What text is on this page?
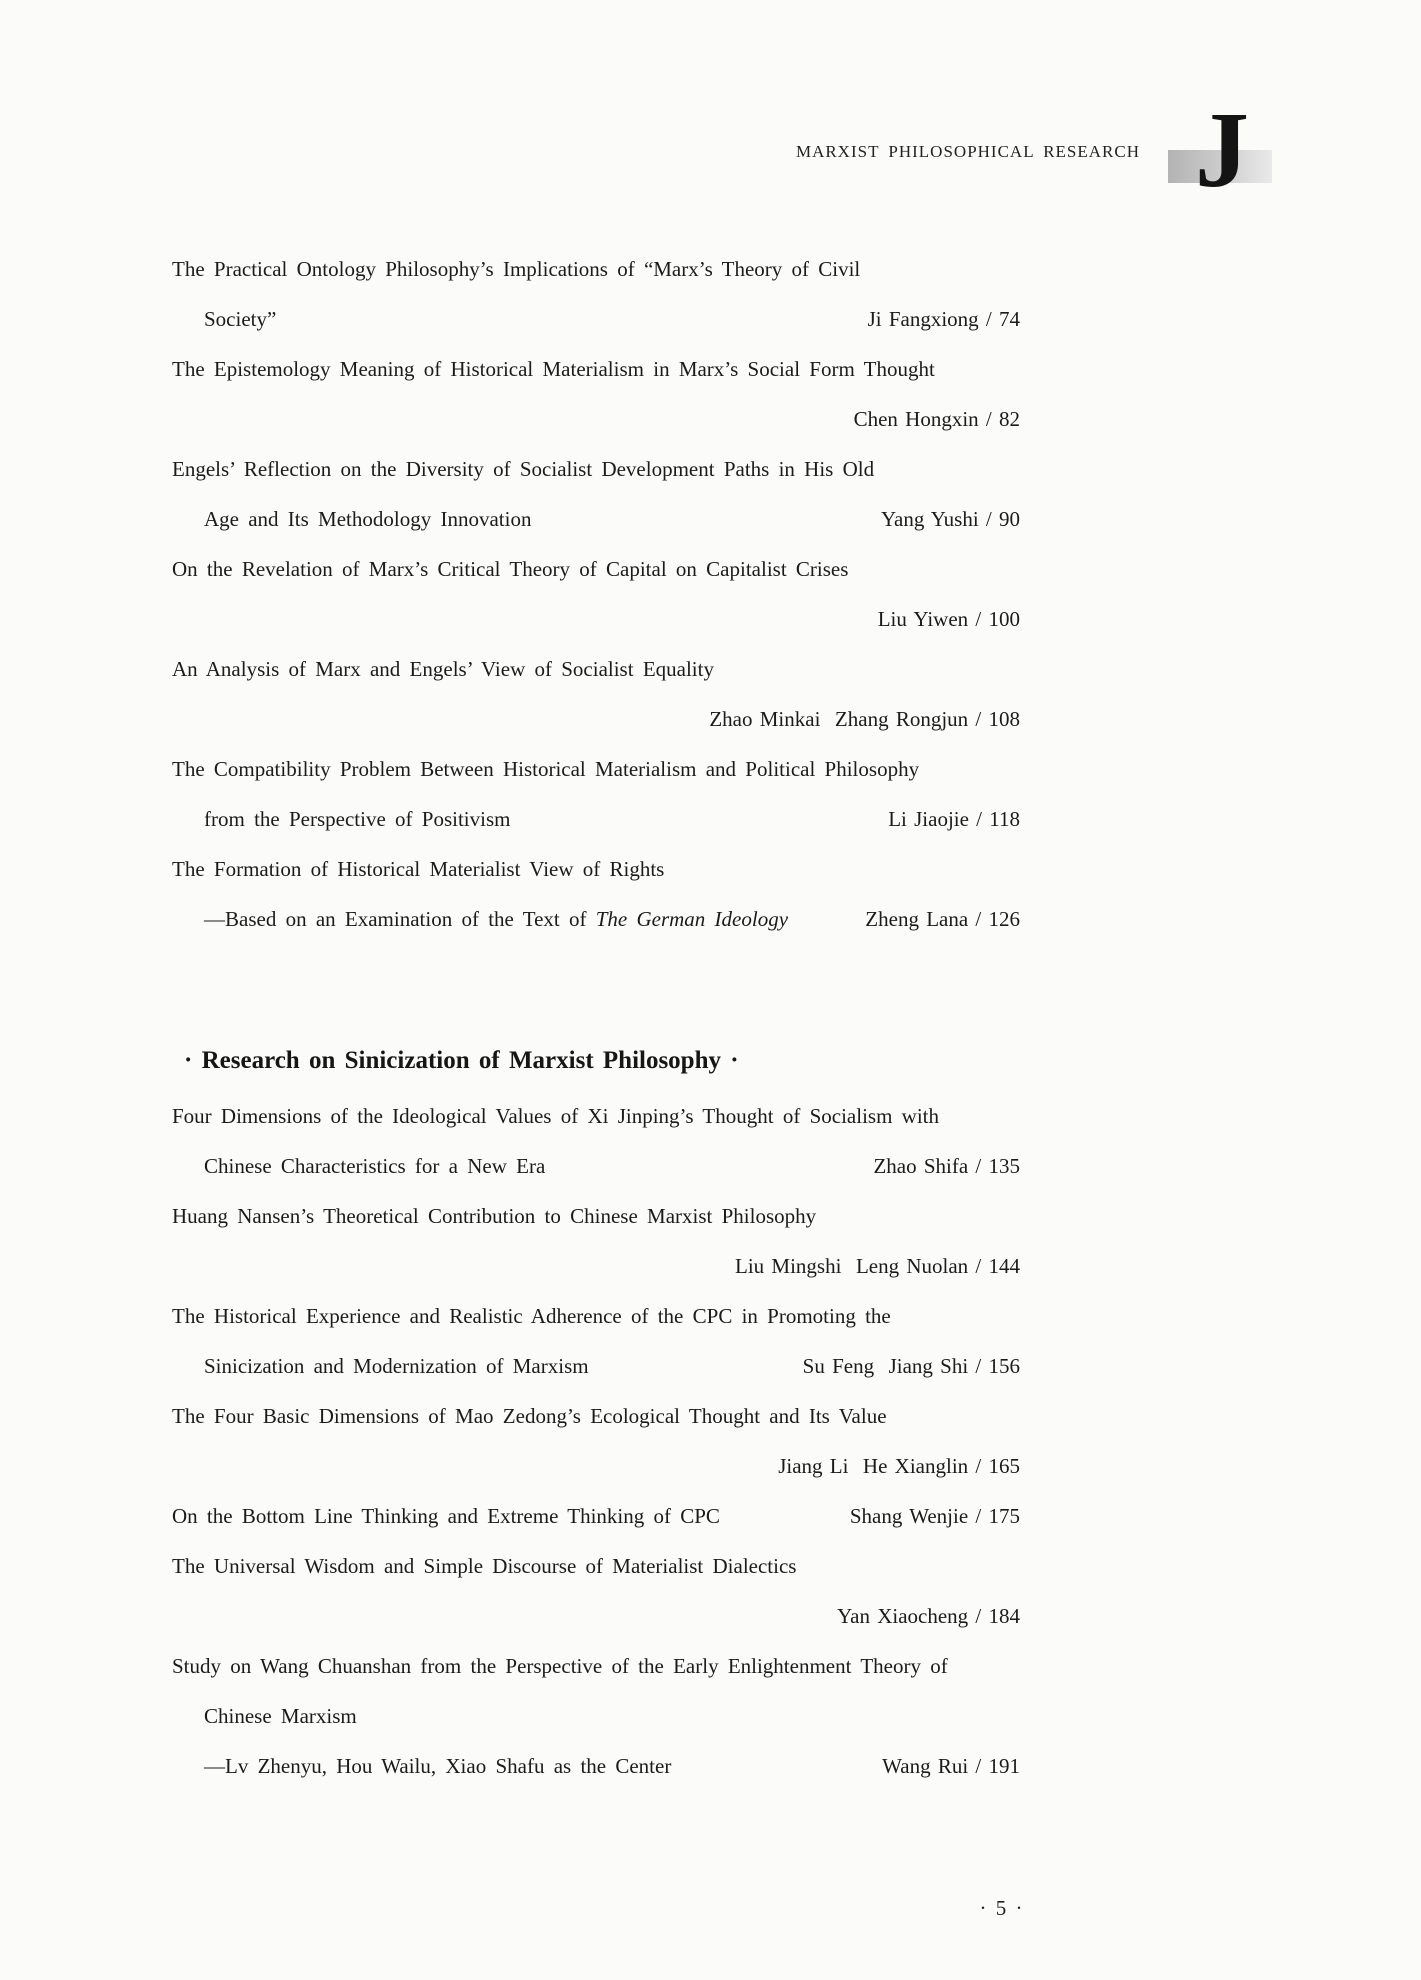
MARXIST PHILOSOPHICAL RESEARCH J
The Practical Ontology Philosophy’s Implications of “Marx’s Theory of Civil
Society”	Ji Fangxiong / 74
The Epistemology Meaning of Historical Materialism in Marx’s Social Form Thought
Chen Hongxin / 82
Engels’ Reflection on the Diversity of Socialist Development Paths in His Old
Age and Its Methodology Innovation	Yang Yushi / 90
On the Revelation of Marx’s Critical Theory of Capital on Capitalist Crises
Liu Yiwen / 100
An Analysis of Marx and Engels’ View of Socialist Equality
Zhao Minkai  Zhang Rongjun / 108
The Compatibility Problem Between Historical Materialism and Political Philosophy
from the Perspective of Positivism	Li Jiaojie / 118
The Formation of Historical Materialist View of Rights
—Based on an Examination of the Text of The German Ideology	Zheng Lana / 126
· Research on Sinicization of Marxist Philosophy ·
Four Dimensions of the Ideological Values of Xi Jinping’s Thought of Socialism with
Chinese Characteristics for a New Era	Zhao Shifa / 135
Huang Nansen’s Theoretical Contribution to Chinese Marxist Philosophy
Liu Mingshi  Leng Nuolan / 144
The Historical Experience and Realistic Adherence of the CPC in Promoting the
Sinicization and Modernization of Marxism	Su Feng  Jiang Shi / 156
The Four Basic Dimensions of Mao Zedong’s Ecological Thought and Its Value
Jiang Li  He Xianglin / 165
On the Bottom Line Thinking and Extreme Thinking of CPC	Shang Wenjie / 175
The Universal Wisdom and Simple Discourse of Materialist Dialectics
Yan Xiaocheng / 184
Study on Wang Chuanshan from the Perspective of the Early Enlightenment Theory of
Chinese Marxism
—Lv Zhenyu, Hou Wailu, Xiao Shafu as the Center	Wang Rui / 191
· 5 ·
